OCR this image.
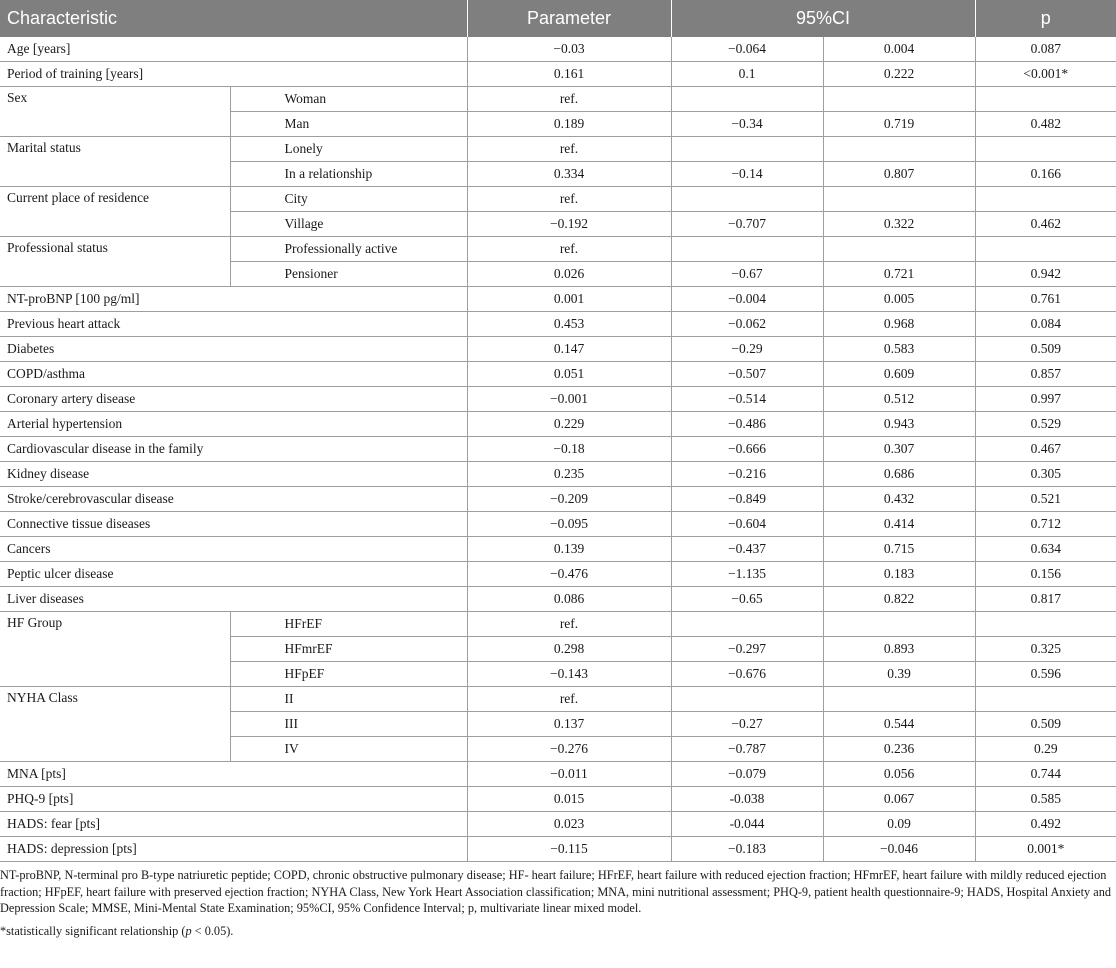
Characteristic		Parameter	95%CI		p
Age [years]		−0.03	−0.064	0.004	0.087
Period of training [years]		0.161	0.1	0.222	<0.001*
Sex	Woman	ref.			
	Man	0.189	−0.34	0.719	0.482
Marital status	Lonely	ref.			
	In a relationship	0.334	−0.14	0.807	0.166
Current place of residence	City	ref.			
	Village	−0.192	−0.707	0.322	0.462
Professional status	Professionally active	ref.			
	Pensioner	0.026	−0.67	0.721	0.942
NT-proBNP [100 pg/ml]		0.001	−0.004	0.005	0.761
Previous heart attack		0.453	−0.062	0.968	0.084
Diabetes		0.147	−0.29	0.583	0.509
COPD/asthma		0.051	−0.507	0.609	0.857
Coronary artery disease		−0.001	−0.514	0.512	0.997
Arterial hypertension		0.229	−0.486	0.943	0.529
Cardiovascular disease in the family		−0.18	−0.666	0.307	0.467
Kidney disease		0.235	−0.216	0.686	0.305
Stroke/cerebrovascular disease		−0.209	−0.849	0.432	0.521
Connective tissue diseases		−0.095	−0.604	0.414	0.712
Cancers		0.139	−0.437	0.715	0.634
Peptic ulcer disease		−0.476	−1.135	0.183	0.156
Liver diseases		0.086	−0.65	0.822	0.817
HF Group	HFrEF	ref.			
	HFmrEF	0.298	−0.297	0.893	0.325
	HFpEF	−0.143	−0.676	0.39	0.596
NYHA Class	II	ref.			
	III	0.137	−0.27	0.544	0.509
	IV	−0.276	−0.787	0.236	0.29
MNA [pts]		−0.011	−0.079	0.056	0.744
PHQ-9 [pts]		0.015	-0.038	0.067	0.585
HADS: fear [pts]		0.023	-0.044	0.09	0.492
HADS: depression [pts]		−0.115	−0.183	−0.046	0.001*

NT-proBNP, N-terminal pro B-type natriuretic peptide; COPD, chronic obstructive pulmonary disease; HF- heart failure; HFrEF, heart failure with reduced ejection fraction; HFmrEF, heart failure with mildly reduced ejection fraction; HFpEF, heart failure with preserved ejection fraction; NYHA Class, New York Heart Association classification; MNA, mini nutritional assessment; PHQ-9, patient health questionnaire-9; HADS, Hospital Anxiety and Depression Scale; MMSE, Mini-Mental State Examination; 95%CI, 95% Confidence Interval; p, multivariate linear mixed model.

*statistically significant relationship (p < 0.05).
